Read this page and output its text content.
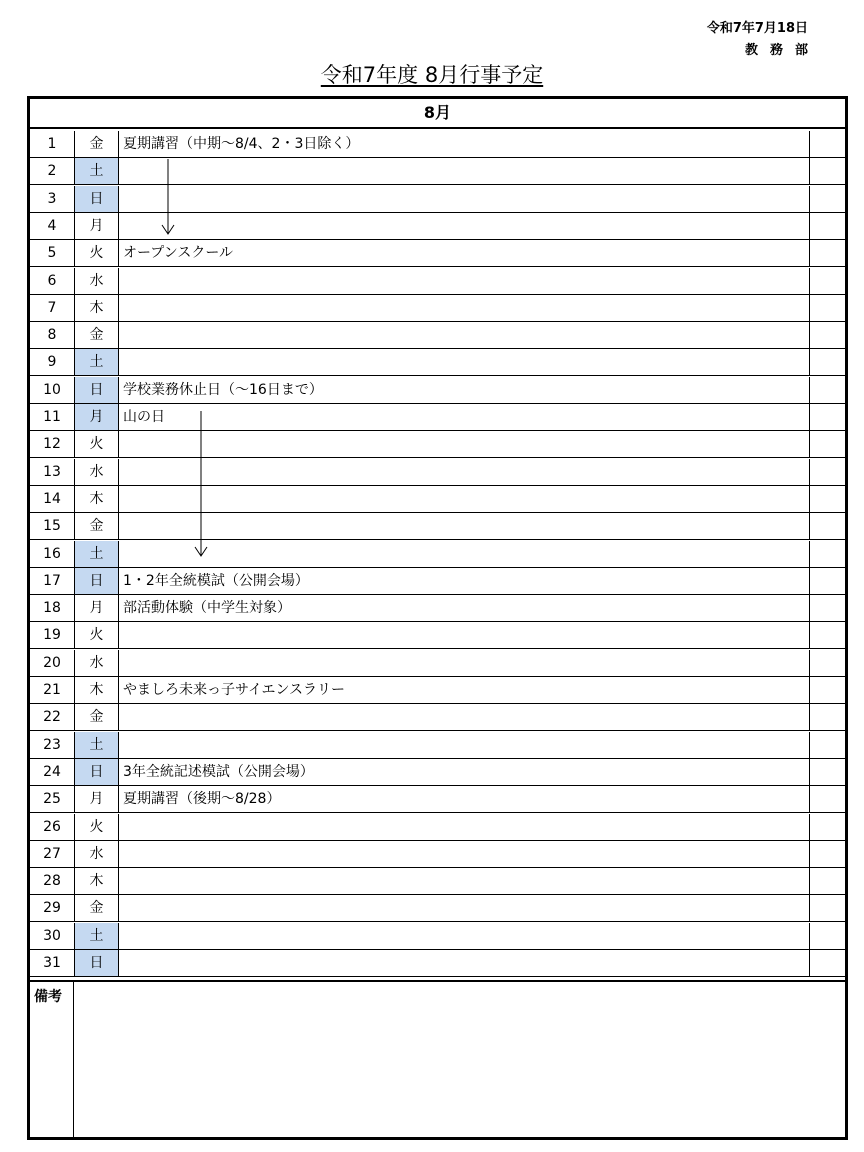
令和7年7月18日
教務部
令和7年度 8月行事予定
8月
1	金	夏期講習（中期～8/4、2・3日除く）
2	土
3	日
4	月
5	火	オープンスクール
6	水
7	木
8	金
9	土
10	日	学校業務休止日（～16日まで）
11	月	山の日
12	火
13	水
14	木
15	金
16	土
17	日	1・2年全統模試（公開会場）
18	月	部活動体験（中学生対象）
19	火
20	水
21	木	やましろ未来っ子サイエンスラリー
22	金
23	土
24	日	3年全統記述模試（公開会場）
25	月	夏期講習（後期～8/28）
26	火
27	水
28	木
29	金
30	土
31	日
備考
